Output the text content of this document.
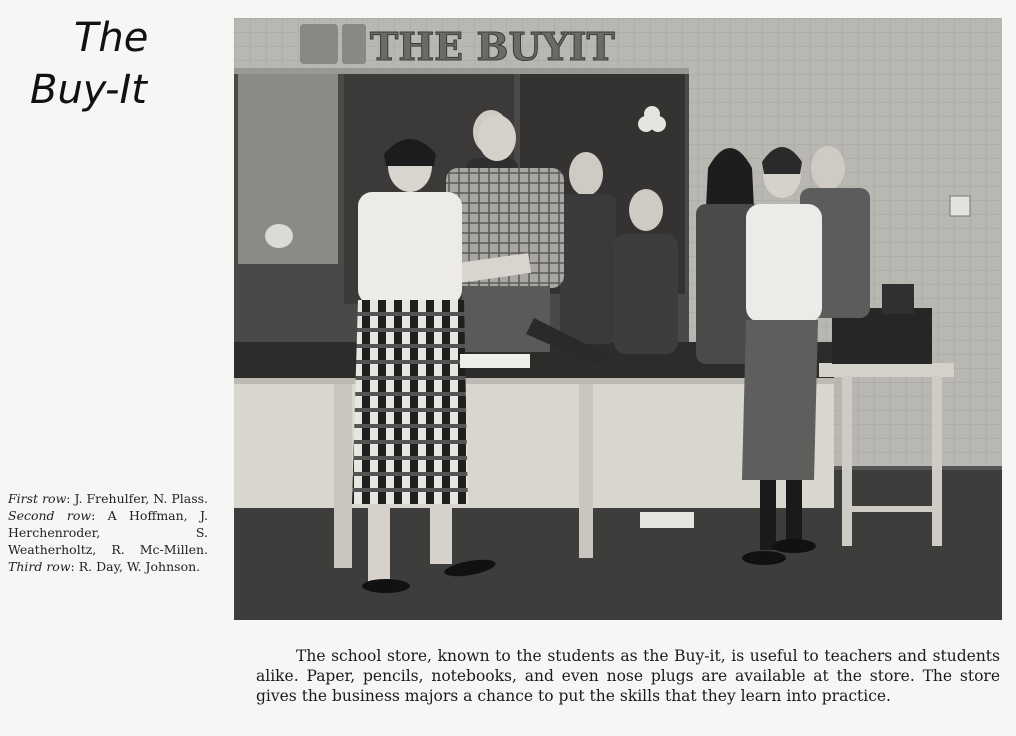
The
Buy-It
First row: J. Frehulfer, N. Plass. Second row: A Hoffman, J. Herchenroder, S. Weatherholtz, R. Mc-Millen. Third row: R. Day, W. Johnson.
THE BUYIT
The school store, known to the students as the Buy-it, is useful to teachers and students alike. Paper, pencils, notebooks, and even nose plugs are available at the store. The store gives the business majors a chance to put the skills that they learn into practice.
